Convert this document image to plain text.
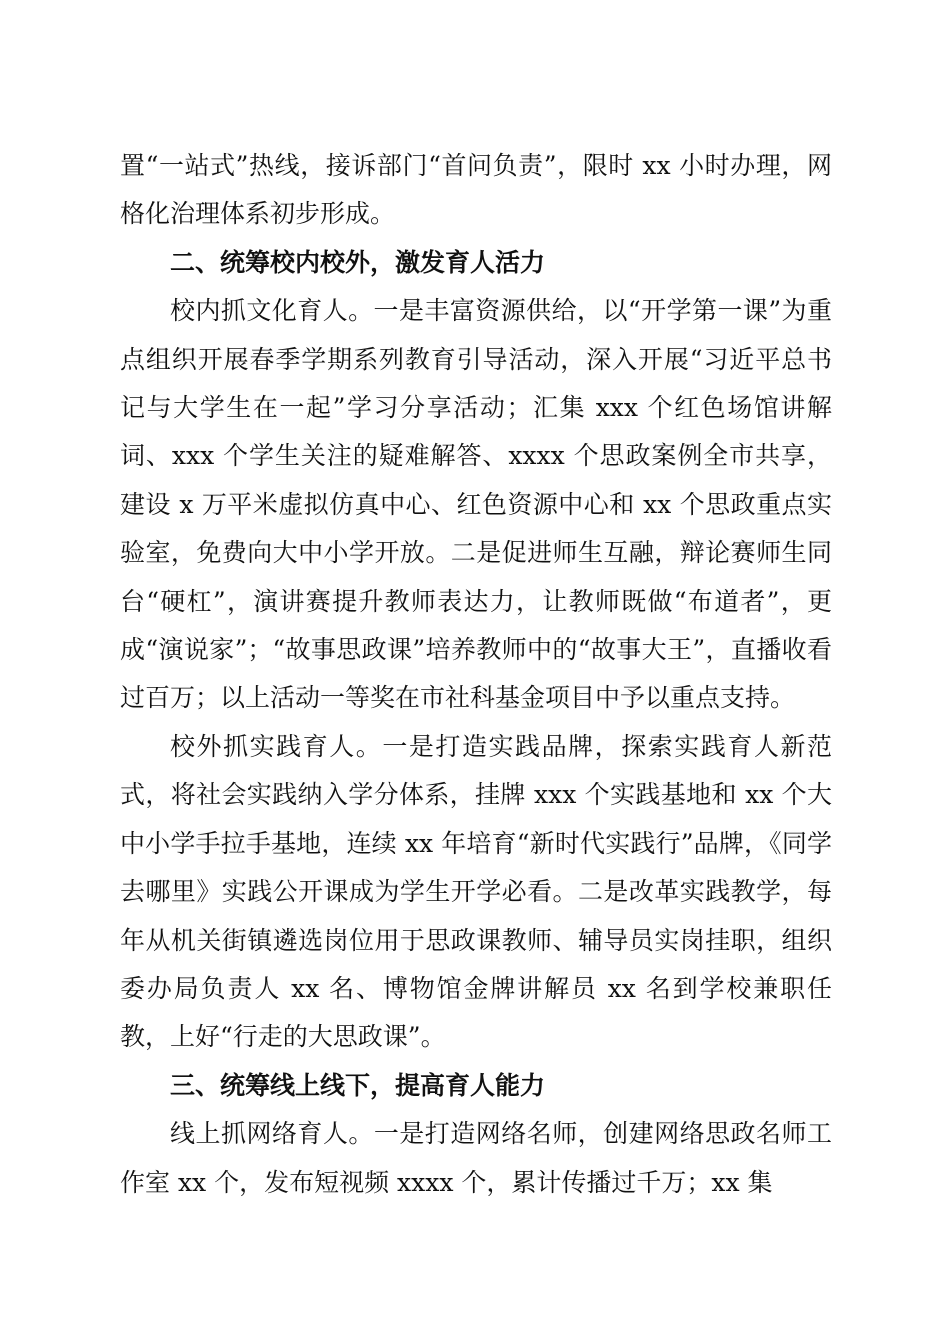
置“一站式”热线，接诉部门“首问负责”，限时 xx 小时办理，网格化治理体系初步形成。

二、统筹校内校外，激发育人活力

校内抓文化育人。一是丰富资源供给，以“开学第一课”为重点组织开展春季学期系列教育引导活动，深入开展“习近平总书记与大学生在一起”学习分享活动；汇集 xxx 个红色场馆讲解词、xxx 个学生关注的疑难解答、xxxx 个思政案例全市共享，建设 x 万平米虚拟仿真中心、红色资源中心和 xx 个思政重点实验室，免费向大中小学开放。二是促进师生互融，辩论赛师生同台“硬杠”，演讲赛提升教师表达力，让教师既做“布道者”，更成“演说家”；“故事思政课”培养教师中的“故事大王”，直播收看过百万；以上活动一等奖在市社科基金项目中予以重点支持。

校外抓实践育人。一是打造实践品牌，探索实践育人新范式，将社会实践纳入学分体系，挂牌 xxx 个实践基地和 xx 个大中小学手拉手基地，连续 xx 年培育“新时代实践行”品牌，《同学去哪里》实践公开课成为学生开学必看。二是改革实践教学，每年从机关街镇遴选岗位用于思政课教师、辅导员实岗挂职，组织委办局负责人 xx 名、博物馆金牌讲解员 xx 名到学校兼职任教，上好“行走的大思政课”。

三、统筹线上线下，提高育人能力

线上抓网络育人。一是打造网络名师，创建网络思政名师工作室 xx 个，发布短视频 xxxx 个，累计传播过千万；xx 集
